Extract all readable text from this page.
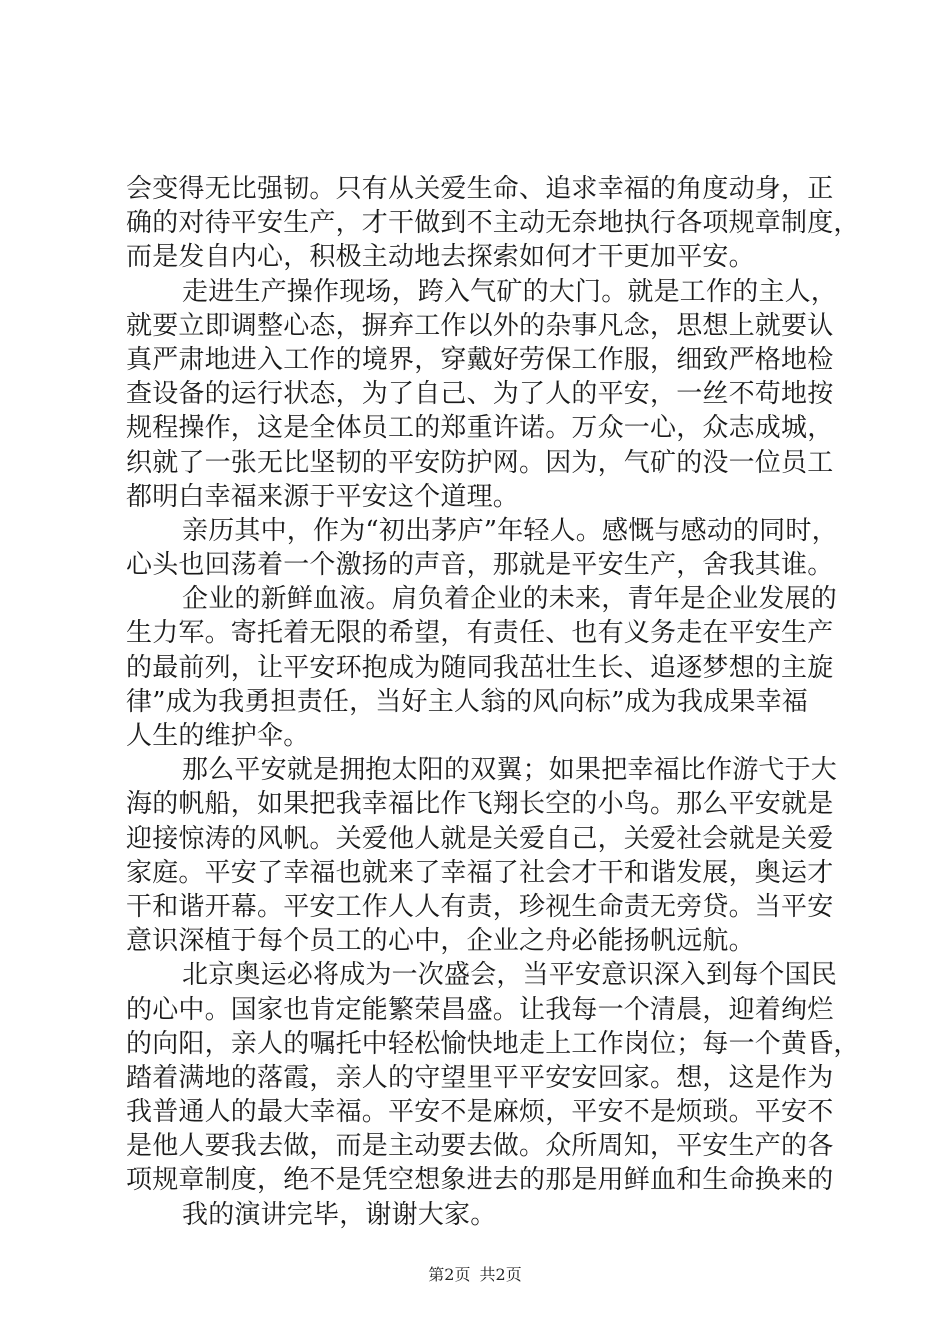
会变得无比强韧。只有从关爱生命、追求幸福的角度动身，正
确的对待平安生产，才干做到不主动无奈地执行各项规章制度，
而是发自内心，积极主动地去探索如何才干更加平安。
走进生产操作现场，跨入气矿的大门。就是工作的主人，
就要立即调整心态，摒弃工作以外的杂事凡念，思想上就要认
真严肃地进入工作的境界，穿戴好劳保工作服，细致严格地检
查设备的运行状态，为了自己、为了人的平安，一丝不苟地按
规程操作，这是全体员工的郑重许诺。万众一心，众志成城，
织就了一张无比坚韧的平安防护网。因为，气矿的没一位员工
都明白幸福来源于平安这个道理。
亲历其中，作为“初出茅庐”年轻人。感慨与感动的同时，
心头也回荡着一个激扬的声音，那就是平安生产，舍我其谁。
企业的新鲜血液。肩负着企业的未来，青年是企业发展的
生力军。寄托着无限的希望，有责任、也有义务走在平安生产
的最前列，让平安环抱成为随同我茁壮生长、追逐梦想的主旋
律”成为我勇担责任，当好主人翁的风向标”成为我成果幸福
人生的维护伞。
那么平安就是拥抱太阳的双翼；如果把幸福比作游弋于大
海的帆船，如果把我幸福比作飞翔长空的小鸟。那么平安就是
迎接惊涛的风帆。关爱他人就是关爱自己，关爱社会就是关爱
家庭。平安了幸福也就来了幸福了社会才干和谐发展，奥运才
干和谐开幕。平安工作人人有责，珍视生命责无旁贷。当平安
意识深植于每个员工的心中，企业之舟必能扬帆远航。
北京奥运必将成为一次盛会，当平安意识深入到每个国民
的心中。国家也肯定能繁荣昌盛。让我每一个清晨，迎着绚烂
的向阳，亲人的嘱托中轻松愉快地走上工作岗位；每一个黄昏，
踏着满地的落霞，亲人的守望里平平安安回家。想，这是作为
我普通人的最大幸福。平安不是麻烦，平安不是烦琐。平安不
是他人要我去做，而是主动要去做。众所周知，平安生产的各
项规章制度，绝不是凭空想象进去的那是用鲜血和生命换来的
我的演讲完毕，谢谢大家。
第2页 共2页
